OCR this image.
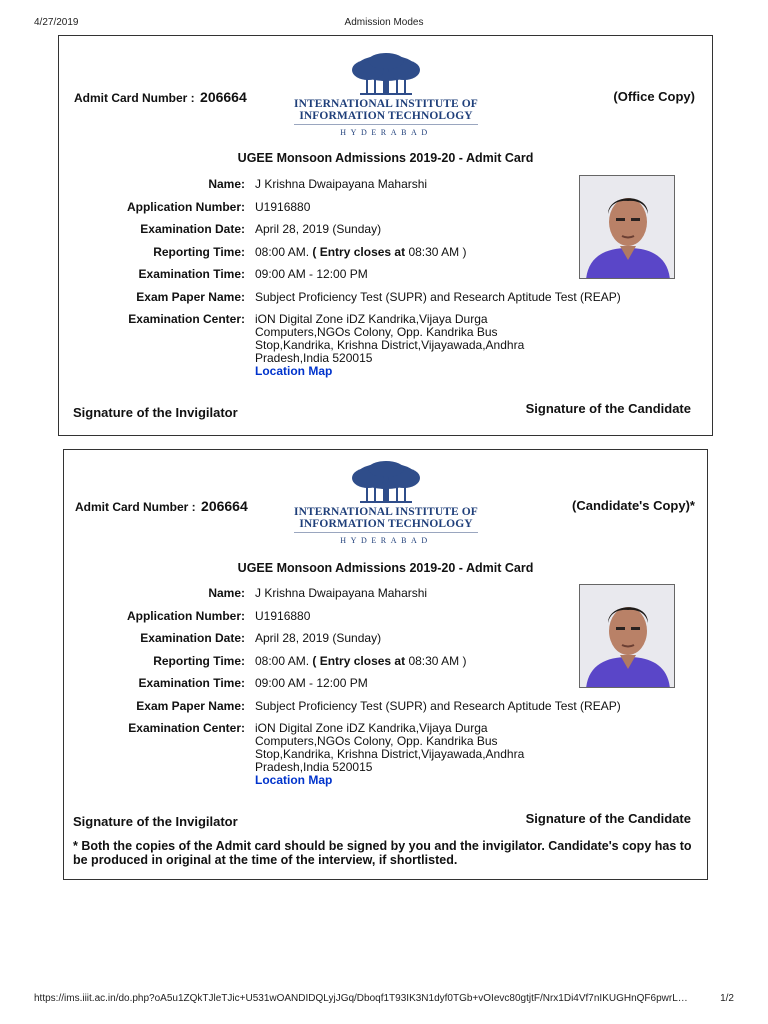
4/27/2019	Admission Modes
Admit Card Number : 206664	INTERNATIONAL INSTITUTE OF
INFORMATION TECHNOLOGY
HYDERABAD
(Office Copy)
UGEE Monsoon Admissions 2019-20 - Admit Card
Name: J Krishna Dwaipayana Maharshi
Application Number: U1916880
Examination Date: April 28, 2019 (Sunday)
Reporting Time: 08:00 AM. ( Entry closes at 08:30 AM )
Examination Time: 09:00 AM - 12:00 PM
Exam Paper Name: Subject Proficiency Test (SUPR) and Research Aptitude Test (REAP)
Examination Center: iON Digital Zone iDZ Kandrika,Vijaya Durga Computers,NGOs Colony, Opp. Kandrika Bus Stop,Kandrika, Krishna District,Vijayawada,Andhra Pradesh,India 520015
Location Map
Signature of the Invigilator	Signature of the Candidate
Admit Card Number : 206664	INTERNATIONAL INSTITUTE OF
INFORMATION TECHNOLOGY
HYDERABAD
(Candidate's Copy)*
UGEE Monsoon Admissions 2019-20 - Admit Card
Name: J Krishna Dwaipayana Maharshi
Application Number: U1916880
Examination Date: April 28, 2019 (Sunday)
Reporting Time: 08:00 AM. ( Entry closes at 08:30 AM )
Examination Time: 09:00 AM - 12:00 PM
Exam Paper Name: Subject Proficiency Test (SUPR) and Research Aptitude Test (REAP)
Examination Center: iON Digital Zone iDZ Kandrika,Vijaya Durga Computers,NGOs Colony, Opp. Kandrika Bus Stop,Kandrika, Krishna District,Vijayawada,Andhra Pradesh,India 520015
Location Map
Signature of the Invigilator	Signature of the Candidate
* Both the copies of the Admit card should be signed by you and the invigilator. Candidate's copy has to be produced in original at the time of the interview, if shortlisted.
https://ims.iiit.ac.in/do.php?oA5u1ZQkTJleTJic+U531wOANDIDQLyjJGq/Dboqf1T93IK3N1dyf0TGb+vOIevc80gtjtF/Nrx1Di4Vf7nIKUGHnQF6pwrL…	1/2
